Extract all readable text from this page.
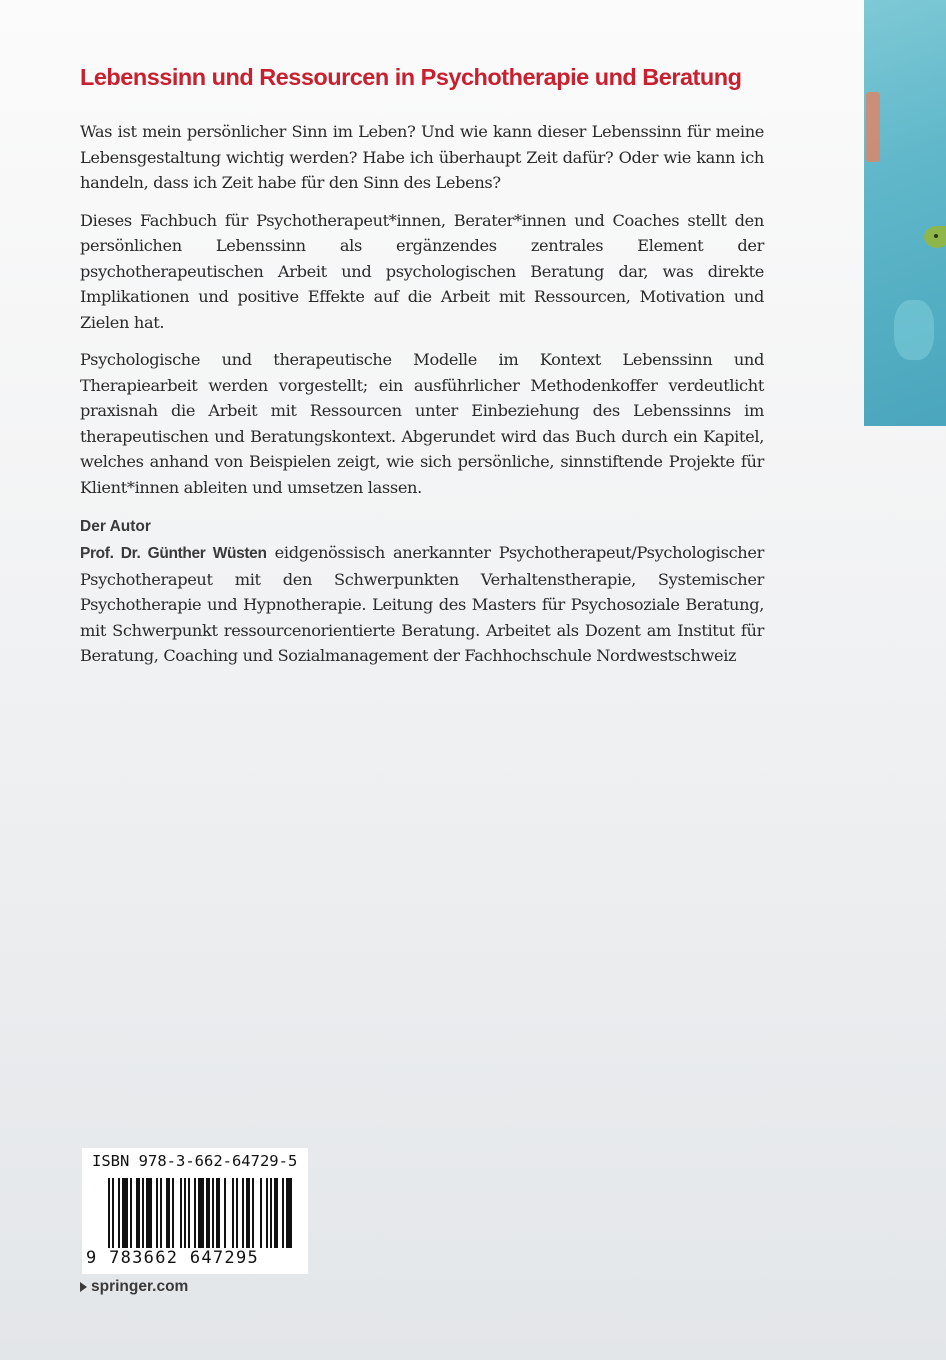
Lebenssinn und Ressourcen in Psychotherapie und Beratung

Was ist mein persönlicher Sinn im Leben? Und wie kann dieser Lebenssinn für meine Lebensgestaltung wichtig werden? Habe ich überhaupt Zeit dafür? Oder wie kann ich handeln, dass ich Zeit habe für den Sinn des Lebens?

Dieses Fachbuch für Psychotherapeut*innen, Berater*innen und Coaches stellt den persönlichen Lebenssinn als ergänzendes zentrales Element der psychotherapeutischen Arbeit und psychologischen Beratung dar, was direkte Implikationen und positive Effekte auf die Arbeit mit Ressourcen, Motivation und Zielen hat.

Psychologische und therapeutische Modelle im Kontext Lebenssinn und Therapiearbeit werden vorgestellt; ein ausführlicher Methodenkoffer verdeutlicht praxisnah die Arbeit mit Ressourcen unter Einbeziehung des Lebenssinns im therapeutischen und Beratungskontext. Abgerundet wird das Buch durch ein Kapitel, welches anhand von Beispielen zeigt, wie sich persönliche, sinnstiftende Projekte für Klient*innen ableiten und umsetzen lassen.

Der Autor

Prof. Dr. Günther Wüsten eidgenössisch anerkannter Psychotherapeut/Psychologischer Psychotherapeut mit den Schwerpunkten Verhaltenstherapie, Systemischer Psychotherapie und Hypnotherapie. Leitung des Masters für Psychosoziale Beratung, mit Schwerpunkt ressourcenorientierte Beratung. Arbeitet als Dozent am Institut für Beratung, Coaching und Sozialmanagement der Fachhochschule Nordwestschweiz

ISBN 978-3-662-64729-5
9 783662 647295
springer.com
